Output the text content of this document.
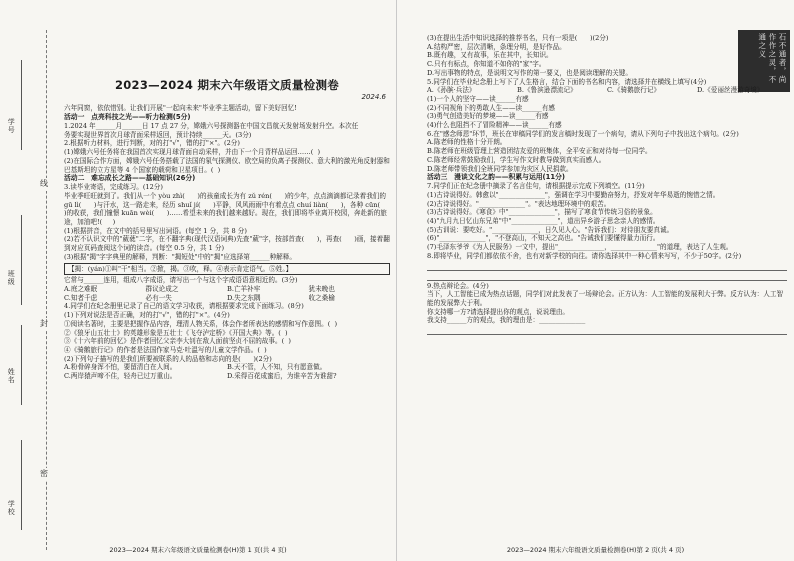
学号
班级
姓名
学校
密
封
线
2023—2024 期末六年级语文质量检测卷
2024.6

六年同窗，依依惜别。让我们开展"一起向未来"毕业季主题活动，留下美好回忆!

活动一　点亮科技之光——听力检测(5分)

1.2024 年______月______日 17 点 27 分，嫦娥六号探测器在中国文昌航天发射场发射升空。本次任

务要实现世界首次月球背面采样返回，预计持续______天。(3分)

2.根据听力材料，进行判断，对的打"√"，错的打"×"。(2分)

(1)嫦娥六号任务将在我国首次实现月球背面自动采样，并由下一个月背样品运回……(  )

(2)在国际合作方面，嫦娥六号任务搭载了法国的氡气探测仪、欧空局的负离子探测仪、意大利的激光角反射器和巴基斯坦的立方星等 4 个国家的载荷和卫星项目。(  )

活动二　难忘成长之路——基础知识(26分)

3.读毕业寄语，完成练习。(12分)

毕业季旺旺就到了。我们从一个 yòu zhì(      )的孩童成长为有 zǔ rén(      )的少年，点点滴滴都记录着我们的 gū lì(      )与汗水，这一路走来，经历 shuǐ jí(      )平静，风风雨雨中有着点点 chuí liàn(      )，各种 cūn(      )的收获，我们憧憬 kuān wèi(      )……希望未来的我们越来越好。现在，我们即将毕业离开校园，奔赴新的旅途，加油吧!(     )

(1)根据拼音，在文中的括号里写出词语。(每空 1 分，共 8 分)

(2)若不认识文中的"葳蕤"二字，在不翻字典(现代汉语词典)先查"葳"字，按部首查(      )，再查(      )画，接着翻到对应页码查阅这个词的读音。(每空 0.5 分，共 1 分)

(3)根据"揭"字字典里的解释，判断："揭短处"中的"揭"应选择第______种解释。

【揭：(yán)①叫"干"相当。②掀，揭。③吹，释。④表示肯定语气。⑤姓。】

它常与______连用，组成八字成语，请写出一个与这个字成语语意相近的。(3分)

A.庭之难眠	群议论成之	B.亡羊补牢	犹未晚也
C.知者千虑	必有一失	D.失之东隅	收之桑榆

4.同学们在纪念册里记录了自己的语文学习收获，请根据要求完成下面练习。(8分)

(1)下列对说法是否正确，对的打"√"，错的打"×"。(4分)

①阅读名著时，主要是把握作品内容，理清人物关系，体会作者所表达的感情和写作意图。(  )

②《狼牙山五壮士》的英雄形象是五壮士《飞夺泸定桥》《开国大典》等。(  )

③《十六年前的回忆》是作者回忆父亲李大钊在敌人面前坚贞不屈的故事。(  )

④《骑鹅旅行记》的作者是法国作家马克·吐温写的儿童文学作品。(  )

(2)下列句子描写的是我们所要被联系的人的品格和志向的是(      )(2分)

A.粉骨碎身浑不怕，要留清白在人间。	B.天不管，人不知，只有愿意做。
C.两岸猿声啼不住，轻舟已过万重山。	D.采得百花成蜜后，为谁辛苦为谁甜?
2023—2024 期末六年级语文质量检测卷(H)第 1 页(共 4 页)
石不通者，尚作作之灵，不通之义

(3)在提出生活中知识选择的推荐书名，只有一项是(      )(2分)

A.结构严密，层次清晰，条理分明，是好作品。

B.既有趣，又有故事，乐在其中，长知识。

C.只有有标点，你知道不如你的"家"字。

D.写出事物的特点，是说明文写作的第一要义，也是阅读理解的关键。

5.同学们在毕业纪念册上写下了人生格言，结合下面的书名和内容，请选择并在横线上填写(4分)

A.《孙膑·兵法》	B.《鲁滨逊漂流记》	C.《骑鹅旅行记》	D.《爱丽丝漫游奇境》

(1)一个人的坚守——读______有感

(2)不同视角下的勇敢人生——读______有感

(3)勇气创造美好的梦境——读______有感

(4)什么也阻挡不了冒险精神——读______有感

6.在"感念师恩"环节，班长在审稿同学们的发言稿时发现了一个病句，请从下列句子中找出这个病句。(2分)

A.陈老师的性格十分开朗。

B.陈老师在班级管理上营造团结友爱的班集体，全平安正和对待每一位同学。

C.陈老师经常鼓励我们，学生写作文时教导做到真实而感人。

D.陈老师带领我们全班同学参加为灾区人民捐款。

活动三　漫谈文化之韵——积累与运用(11分)

7.同学们正在纪念册中摘录了名言佳句，请根据提示完成下列填空。(11分)

(1)古诗说得好。韩愈以"______________"，强调在学习中要勤奋努力，抒发对年华易逝的惋惜之情。

(2)古诗说得好。"______________"。"表达地理环境中的艰苦。

(3)古诗说得好。《寒食》中"______________"，描写了寒食节传统习俗的景象。

(4)"九月九日忆山东兄弟"中"______________"，道出异乡游子思念亲人的感情。

(5)古训说：要吃好。"______________，日久见人心。"告诉我们：对待朋友要真诚。

(6)"______________"，"不登高山，不知天之高也。"告诫我们要懂得量力而行。

(7)毛泽东爷爷《为人民服务》一文中，提出"______________，______________"的道理，表达了人生观。

8.即将毕业，同学们都依依不舍，也有对新学校的向往。请你选择其中一种心情来写写，不少于50字。(2分)

9.热点辩论会。(4分)

当下，人工智能已成为热点话题，同学们对此发表了一场辩论会。正方认为：人工智能的发展利大于弊。反方认为：人工智能的发展弊大于利。

你支持哪一方?请选择提出你的观点，说说理由。

我支持______方的观点，我的理由是：______________

2023—2024 期末六年级语文质量检测卷(H)第 2 页(共 4 页)
